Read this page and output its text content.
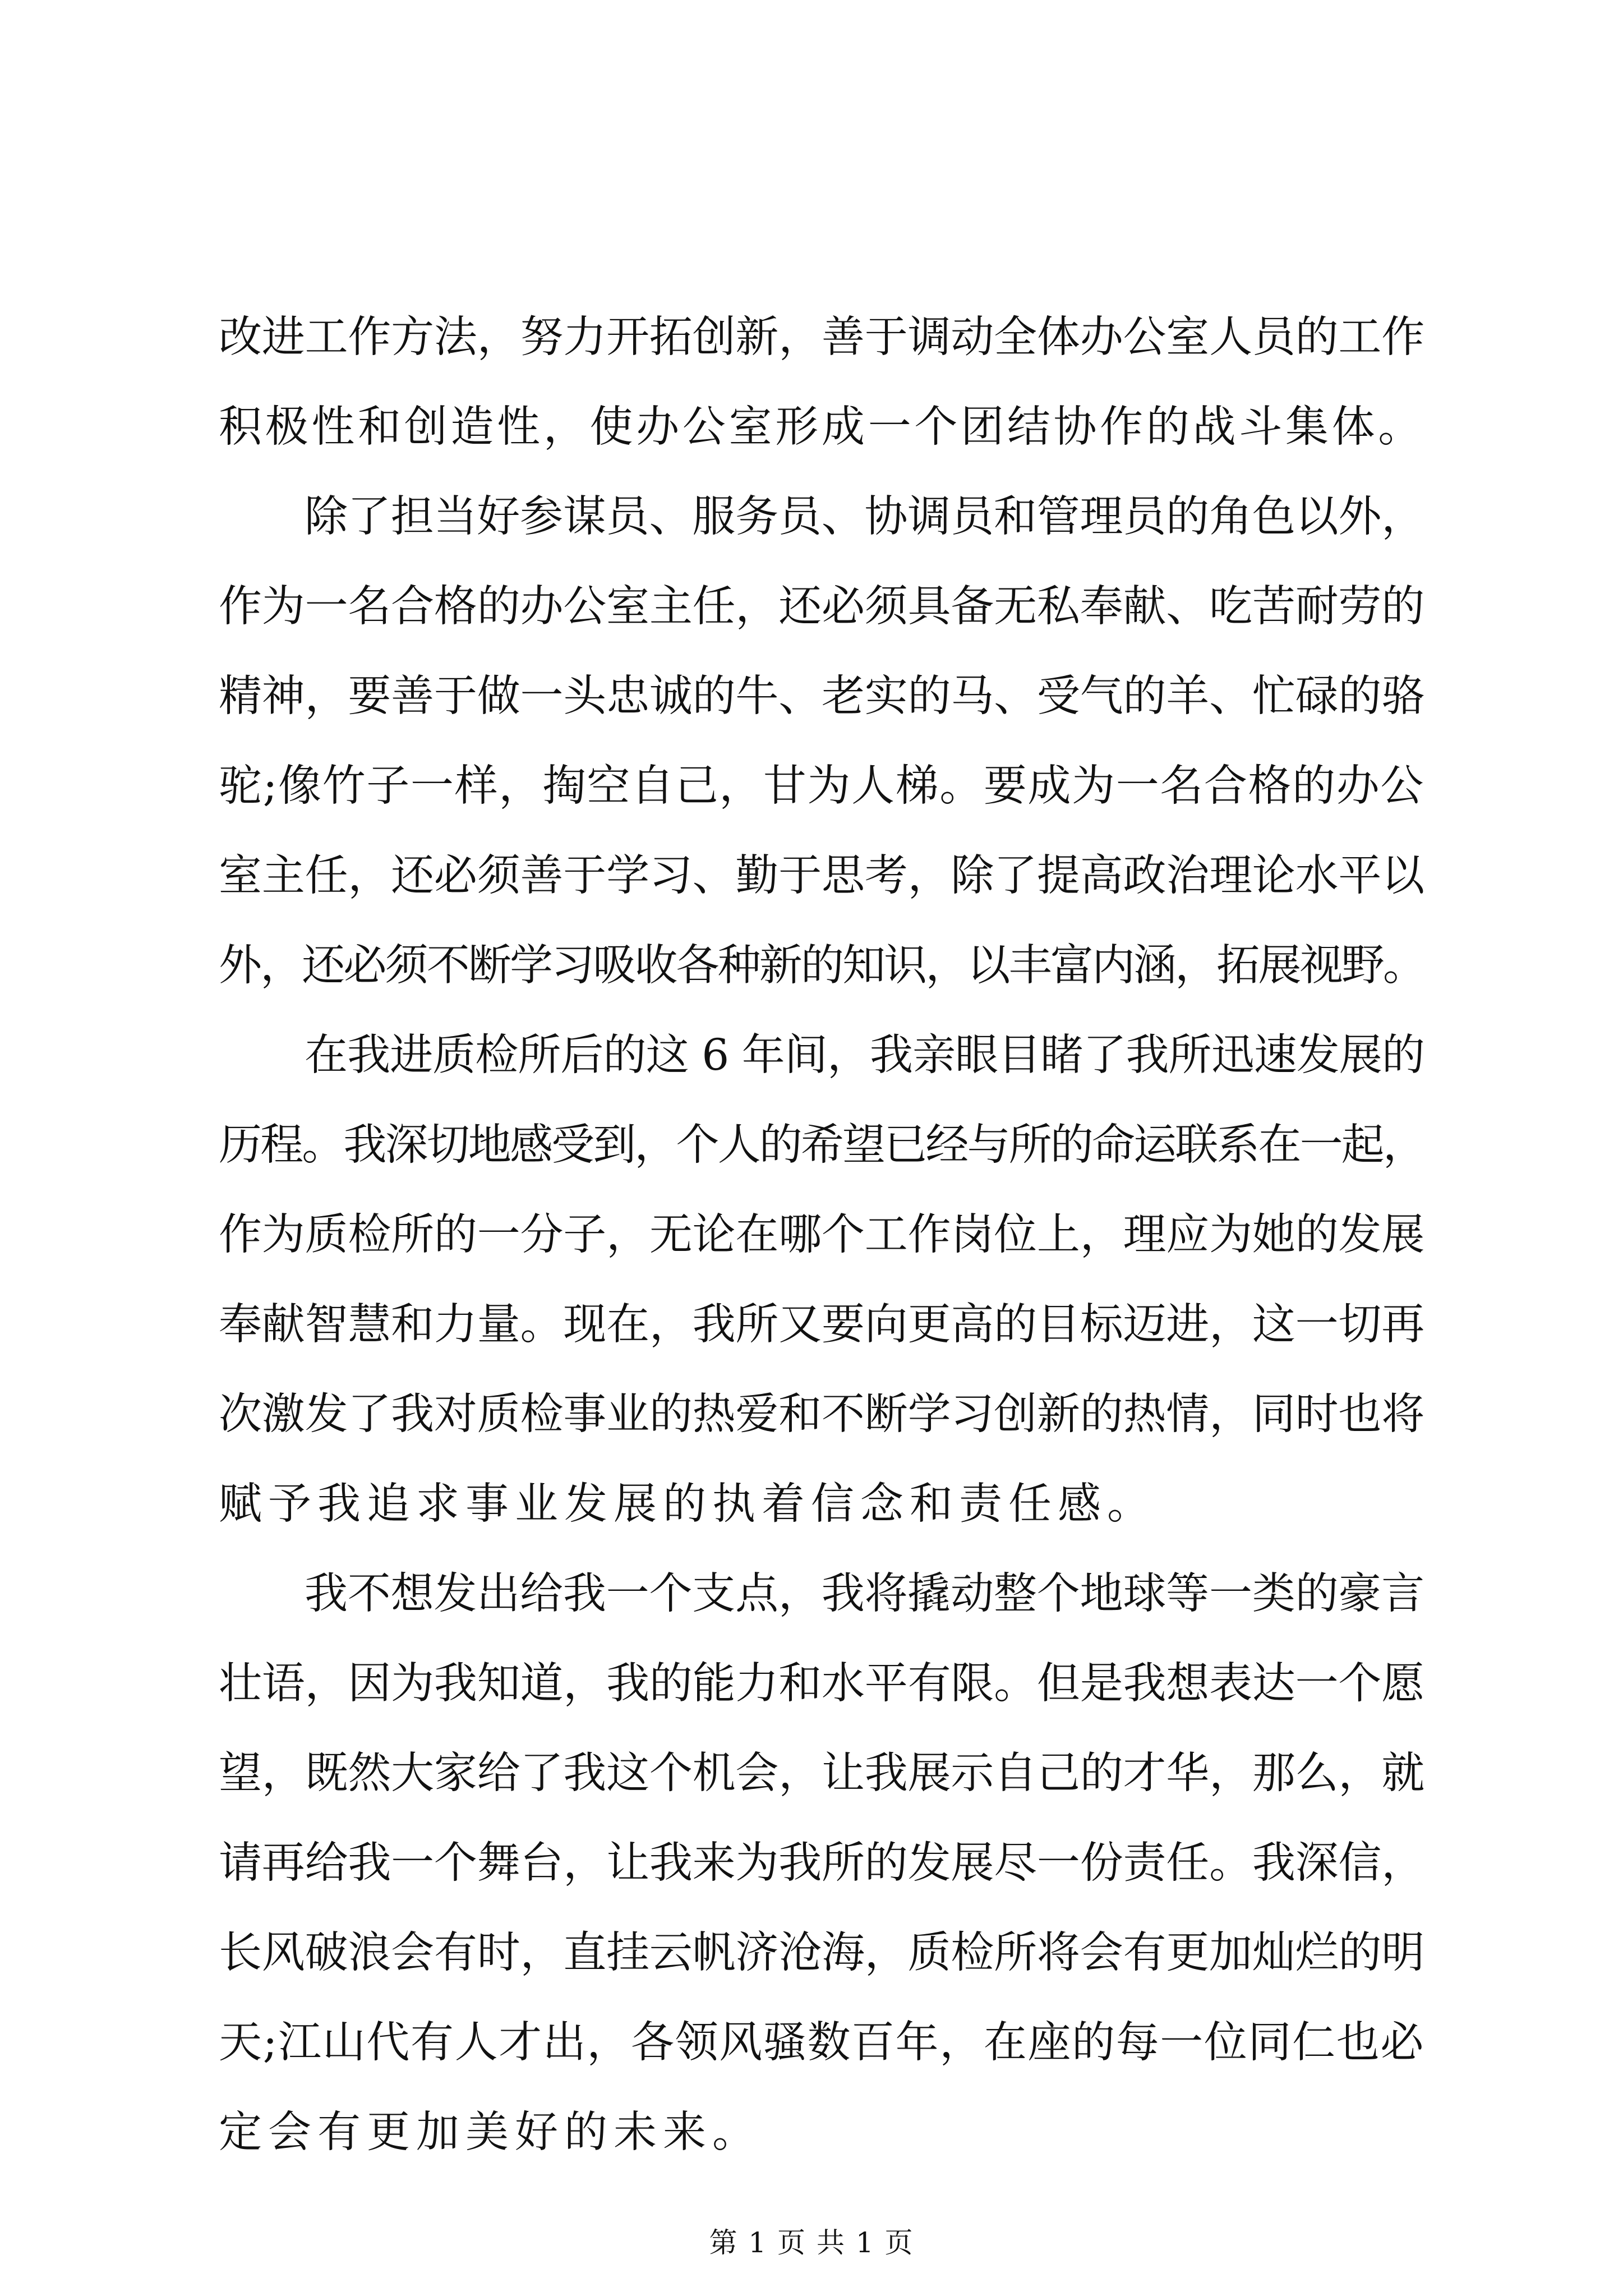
改进工作方法，努力开拓创新，善于调动全体办公室人员的工作
积极性和创造性，使办公室形成一个团结协作的战斗集体。
除了担当好参谋员、服务员、协调员和管理员的角色以外，
作为一名合格的办公室主任，还必须具备无私奉献、吃苦耐劳的
精神，要善于做一头忠诚的牛、老实的马、受气的羊、忙碌的骆
驼;像竹子一样，掏空自己，甘为人梯。要成为一名合格的办公
室主任，还必须善于学习、勤于思考，除了提高政治理论水平以
外，还必须不断学习吸收各种新的知识，以丰富内涵，拓展视野。
在我进质检所后的这 6 年间，我亲眼目睹了我所迅速发展的
历程。我深切地感受到，个人的希望已经与所的命运联系在一起，
作为质检所的一分子，无论在哪个工作岗位上，理应为她的发展
奉献智慧和力量。现在，我所又要向更高的目标迈进，这一切再
次激发了我对质检事业的热爱和不断学习创新的热情，同时也将
赋予我追求事业发展的执着信念和责任感。
我不想发出给我一个支点，我将撬动整个地球等一类的豪言
壮语，因为我知道，我的能力和水平有限。但是我想表达一个愿
望，既然大家给了我这个机会，让我展示自己的才华，那么，就
请再给我一个舞台，让我来为我所的发展尽一份责任。我深信，
长风破浪会有时，直挂云帆济沧海，质检所将会有更加灿烂的明
天;江山代有人才出，各领风骚数百年，在座的每一位同仁也必
定会有更加美好的未来。
第 1 页 共 1 页
